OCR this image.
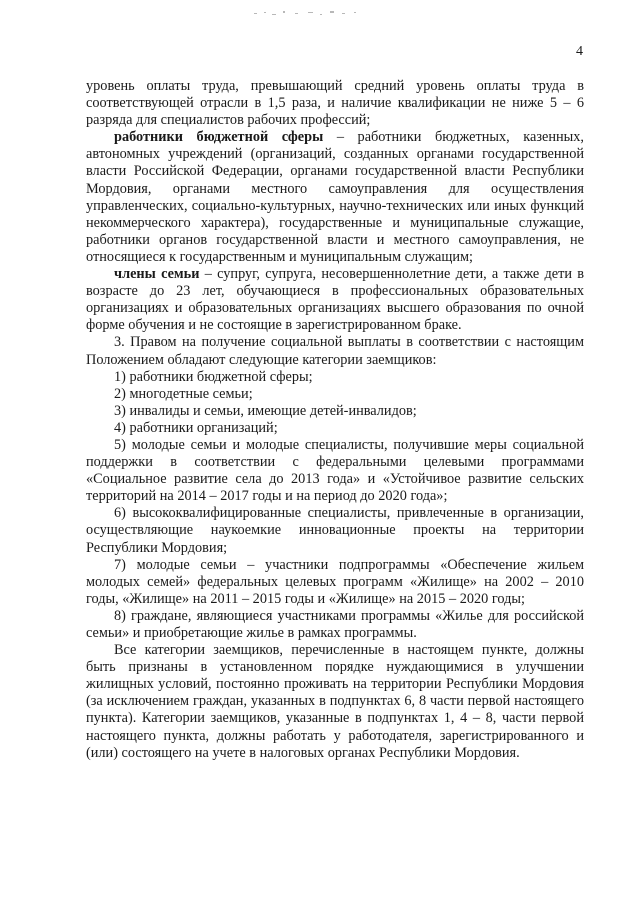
4

уровень оплаты труда, превышающий средний уровень оплаты труда в соответствующей отрасли в 1,5 раза, и наличие квалификации не ниже 5 – 6 разряда для специалистов рабочих профессий;

работники бюджетной сферы – работники бюджетных, казенных, автономных учреждений (организаций, созданных органами государственной власти Российской Федерации, органами государственной власти Республики Мордовия, органами местного самоуправления для осуществления управленческих, социально-культурных, научно-технических или иных функций некоммерческого характера), государственные и муниципальные служащие, работники органов государственной власти и местного самоуправления, не относящиеся к государственным и муниципальным служащим;

члены семьи – супруг, супруга, несовершеннолетние дети, а также дети в возрасте до 23 лет, обучающиеся в профессиональных образовательных организациях и образовательных организациях высшего образования по очной форме обучения и не состоящие в зарегистрированном браке.

3. Правом на получение социальной выплаты в соответствии с настоящим Положением обладают следующие категории заемщиков:

1) работники бюджетной сферы;

2) многодетные семьи;

3) инвалиды и семьи, имеющие детей-инвалидов;

4) работники организаций;

5) молодые семьи и молодые специалисты, получившие меры социальной поддержки в соответствии с федеральными целевыми программами «Социальное развитие села до 2013 года» и «Устойчивое развитие сельских территорий на 2014 – 2017 годы и на период до 2020 года»;

6) высококвалифицированные специалисты, привлеченные в организации, осуществляющие наукоемкие инновационные проекты на территории Республики Мордовия;

7) молодые семьи – участники подпрограммы «Обеспечение жильем молодых семей» федеральных целевых программ «Жилище» на 2002 – 2010 годы, «Жилище» на 2011 – 2015 годы и «Жилище» на 2015 – 2020 годы;

8) граждане, являющиеся участниками программы «Жилье для российской семьи» и приобретающие жилье в рамках программы.

Все категории заемщиков, перечисленные в настоящем пункте, должны быть признаны в установленном порядке нуждающимися в улучшении жилищных условий, постоянно проживать на территории Республики Мордовия (за исключением граждан, указанных в подпунктах 6, 8 части первой настоящего пункта). Категории заемщиков, указанные в подпунктах 1, 4 – 8, части первой настоящего пункта, должны работать у работодателя, зарегистрированного и (или) состоящего на учете в налоговых органах Республики Мордовия.
